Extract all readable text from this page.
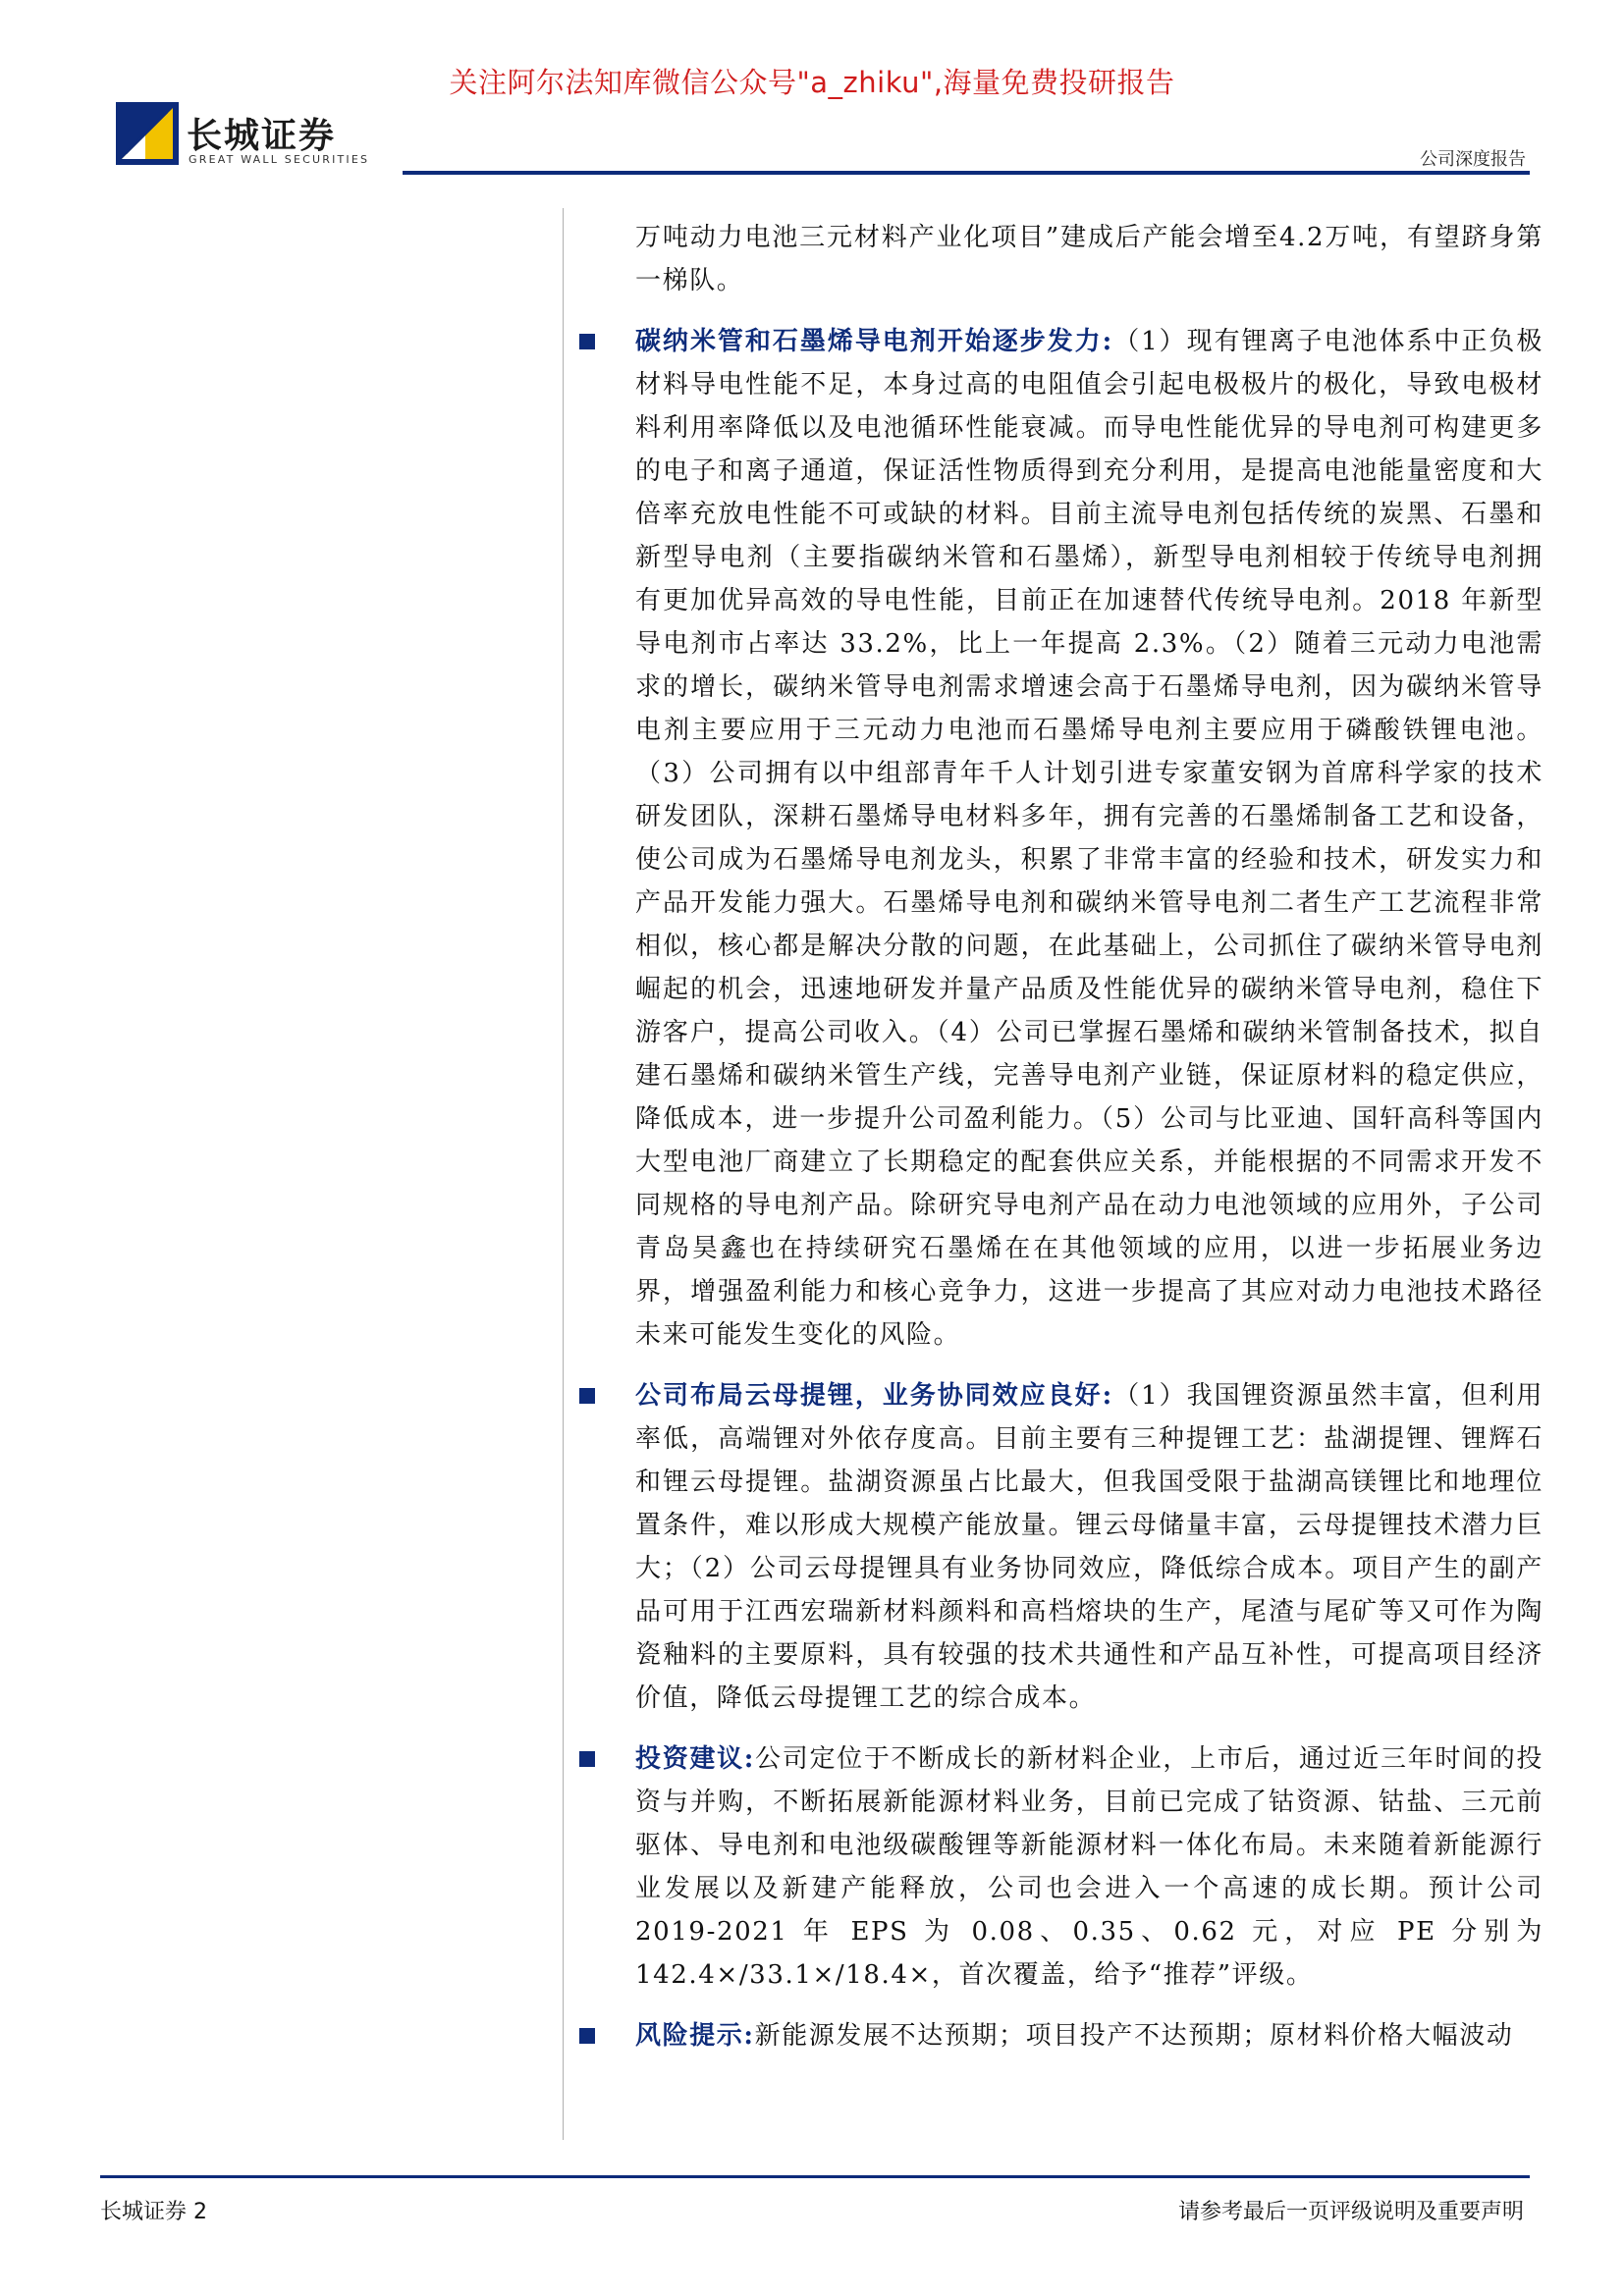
关注阿尔法知库微信公众号"a_zhiku",海量免费投研报告
长城证券
GREAT WALL SECURITIES	公司深度报告

万吨动力电池三元材料产业化项目”建成后产能会增至4.2万吨，有望跻身第一梯队。

碳纳米管和石墨烯导电剂开始逐步发力:（1）现有锂离子电池体系中正负极材料导电性能不足，本身过高的电阻值会引起电极极片的极化，导致电极材料利用率降低以及电池循环性能衰减。而导电性能优异的导电剂可构建更多的电子和离子通道，保证活性物质得到充分利用，是提高电池能量密度和大倍率充放电性能不可或缺的材料。目前主流导电剂包括传统的炭黑、石墨和新型导电剂（主要指碳纳米管和石墨烯），新型导电剂相较于传统导电剂拥有更加优异高效的导电性能，目前正在加速替代传统导电剂。2018 年新型导电剂市占率达 33.2%，比上一年提高 2.3%。（2）随着三元动力电池需求的增长，碳纳米管导电剂需求增速会高于石墨烯导电剂，因为碳纳米管导电剂主要应用于三元动力电池而石墨烯导电剂主要应用于磷酸铁锂电池。（3）公司拥有以中组部青年千人计划引进专家董安钢为首席科学家的技术研发团队，深耕石墨烯导电材料多年，拥有完善的石墨烯制备工艺和设备，使公司成为石墨烯导电剂龙头，积累了非常丰富的经验和技术，研发实力和产品开发能力强大。石墨烯导电剂和碳纳米管导电剂二者生产工艺流程非常相似，核心都是解决分散的问题，在此基础上，公司抓住了碳纳米管导电剂崛起的机会，迅速地研发并量产品质及性能优异的碳纳米管导电剂，稳住下游客户，提高公司收入。（4）公司已掌握石墨烯和碳纳米管制备技术，拟自建石墨烯和碳纳米管生产线，完善导电剂产业链，保证原材料的稳定供应，降低成本，进一步提升公司盈利能力。（5）公司与比亚迪、国轩高科等国内大型电池厂商建立了长期稳定的配套供应关系，并能根据的不同需求开发不同规格的导电剂产品。除研究导电剂产品在动力电池领域的应用外，子公司青岛昊鑫也在持续研究石墨烯在在其他领域的应用，以进一步拓展业务边界，增强盈利能力和核心竞争力，这进一步提高了其应对动力电池技术路径未来可能发生变化的风险。

公司布局云母提锂，业务协同效应良好:（1）我国锂资源虽然丰富，但利用率低，高端锂对外依存度高。目前主要有三种提锂工艺：盐湖提锂、锂辉石和锂云母提锂。盐湖资源虽占比最大，但我国受限于盐湖高镁锂比和地理位置条件，难以形成大规模产能放量。锂云母储量丰富，云母提锂技术潜力巨大；（2）公司云母提锂具有业务协同效应，降低综合成本。项目产生的副产品可用于江西宏瑞新材料颜料和高档熔块的生产，尾渣与尾矿等又可作为陶瓷釉料的主要原料，具有较强的技术共通性和产品互补性，可提高项目经济价值，降低云母提锂工艺的综合成本。

投资建议:公司定位于不断成长的新材料企业，上市后，通过近三年时间的投资与并购，不断拓展新能源材料业务，目前已完成了钴资源、钴盐、三元前驱体、导电剂和电池级碳酸锂等新能源材料一体化布局。未来随着新能源行业发展以及新建产能释放，公司也会进入一个高速的成长期。预计公司 2019-2021 年 EPS 为 0.08、0.35、0.62 元，对应 PE 分别为 142.4×/33.1×/18.4×，首次覆盖，给予“推荐”评级。

风险提示:新能源发展不达预期；项目投产不达预期；原材料价格大幅波动

长城证券 2	请参考最后一页评级说明及重要声明
